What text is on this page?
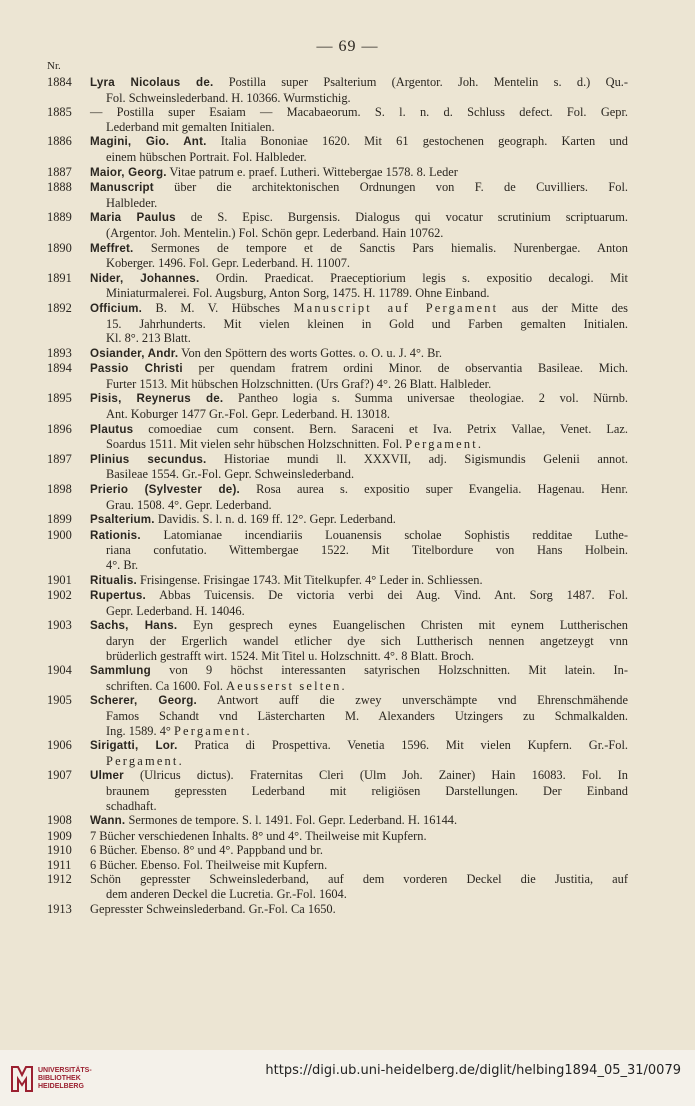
— 69 —
Nr.
1884 Lyra Nicolaus de. Postilla super Psalterium (Argentor. Joh. Mentelin s. d.) Qu.-
Fol. Schweinslederband. H. 10366. Wurmstichig.
1885 — Postilla super Esaiam — Macabaeorum. S. l. n. d. Schluss defect. Fol. Gepr.
Lederband mit gemalten Initialen.
1886 Magini, Gio. Ant. Italia Bononiae 1620. Mit 61 gestochenen geograph. Karten und
einem hübschen Portrait. Fol. Halbleder.
1887 Maior, Georg. Vitae patrum e. praef. Lutheri. Wittebergae 1578. 8. Leder
1888 Manuscript über die architektonischen Ordnungen von F. de Cuvilliers. Fol.
Halbleder.
1889 Maria Paulus de S. Episc. Burgensis. Dialogus qui vocatur scrutinium scriptuarum.
(Argentor. Joh. Mentelin.) Fol. Schön gepr. Lederband. Hain 10762.
1890 Meffret. Sermones de tempore et de Sanctis Pars hiemalis. Nurenbergae. Anton
Koberger. 1496. Fol. Gepr. Lederband. H. 11007.
1891 Nider, Johannes. Ordin. Praedicat. Praeceptiorium legis s. expositio decalogi. Mit
Miniaturmalerei. Fol. Augsburg, Anton Sorg, 1475. H. 11789. Ohne Einband.
1892 Officium. B. M. V. Hübsches Manuscript auf Pergament aus der Mitte des
15. Jahrhunderts. Mit vielen kleinen in Gold und Farben gemalten Initialen.
Kl. 8°. 213 Blatt.
1893 Osiander, Andr. Von den Spöttern des worts Gottes. o. O. u. J. 4°. Br.
1894 Passio Christi per quendam fratrem ordini Minor. de observantia Basileae. Mich.
Furter 1513. Mit hübschen Holzschnitten. (Urs Graf?) 4°. 26 Blatt. Halbleder.
1895 Pisis, Reynerus de. Pantheo logia s. Summa universae theologiae. 2 vol. Nürnb.
Ant. Koburger 1477 Gr.-Fol. Gepr. Lederband. H. 13018.
1896 Plautus comoediae cum consent. Bern. Saraceni et Iva. Petrix Vallae, Venet. Laz.
Soardus 1511. Mit vielen sehr hübschen Holzschnitten. Fol. Pergament.
1897 Plinius secundus. Historiae mundi ll. XXXVII, adj. Sigismundis Gelenii annot.
Basileae 1554. Gr.-Fol. Gepr. Schweinslederband.
1898 Prierio (Sylvester de). Rosa aurea s. expositio super Evangelia. Hagenau. Henr.
Grau. 1508. 4°. Gepr. Lederband.
1899 Psalterium. Davidis. S. l. n. d. 169 ff. 12°. Gepr. Lederband.
1900 Rationis. Latomianae incendiariis Louanensis scholae Sophistis redditae Luthe-
riana confutatio. Wittembergae 1522. Mit Titelbordure von Hans Holbein.
4°. Br.
1901 Ritualis. Frisingense. Frisingae 1743. Mit Titelkupfer. 4° Leder in. Schliessen.
1902 Rupertus. Abbas Tuicensis. De victoria verbi dei Aug. Vind. Ant. Sorg 1487. Fol.
Gepr. Lederband. H. 14046.
1903 Sachs, Hans. Eyn gesprech eynes Euangelischen Christen mit eynem Luttherischen
daryn der Ergerlich wandel etlicher dye sich Luttherisch nennen angetzeygt vnn
brüderlich gestrafft wirt. 1524. Mit Titel u. Holzschnitt. 4°. 8 Blatt. Broch.
1904 Sammlung von 9 höchst interessanten satyrischen Holzschnitten. Mit latein. In-
schriften. Ca 1600. Fol. Aeusserst selten.
1905 Scherer, Georg. Antwort auff die zwey unverschämpte vnd Ehrenschmähende
Famos Schandt vnd Lästercharten M. Alexanders Utzingers zu Schmalkalden.
Ing. 1589. 4° Pergament.
1906 Sirigatti, Lor. Pratica di Prospettiva. Venetia 1596. Mit vielen Kupfern. Gr.-Fol.
Pergament.
1907 Ulmer (Ulricus dictus). Fraternitas Cleri (Ulm Joh. Zainer) Hain 16083. Fol. In
braunem gepressten Lederband mit religiösen Darstellungen. Der Einband
schadhaft.
1908 Wann. Sermones de tempore. S. l. 1491. Fol. Gepr. Lederband. H. 16144.
1909 7 Bücher verschiedenen Inhalts. 8° und 4°. Theilweise mit Kupfern.
1910 6 Bücher. Ebenso. 8° und 4°. Pappband und br.
1911 6 Bücher. Ebenso. Fol. Theilweise mit Kupfern.
1912 Schön gepresster Schweinslederband, auf dem vorderen Deckel die Justitia, auf
dem anderen Deckel die Lucretia. Gr.-Fol. 1604.
1913 Gepresster Schweinslederband. Gr.-Fol. Ca 1650.
UNIVERSITÄTS-
BIBLIOTHEK
HEIDELBERG
https://digi.ub.uni-heidelberg.de/diglit/helbing1894_05_31/0079
